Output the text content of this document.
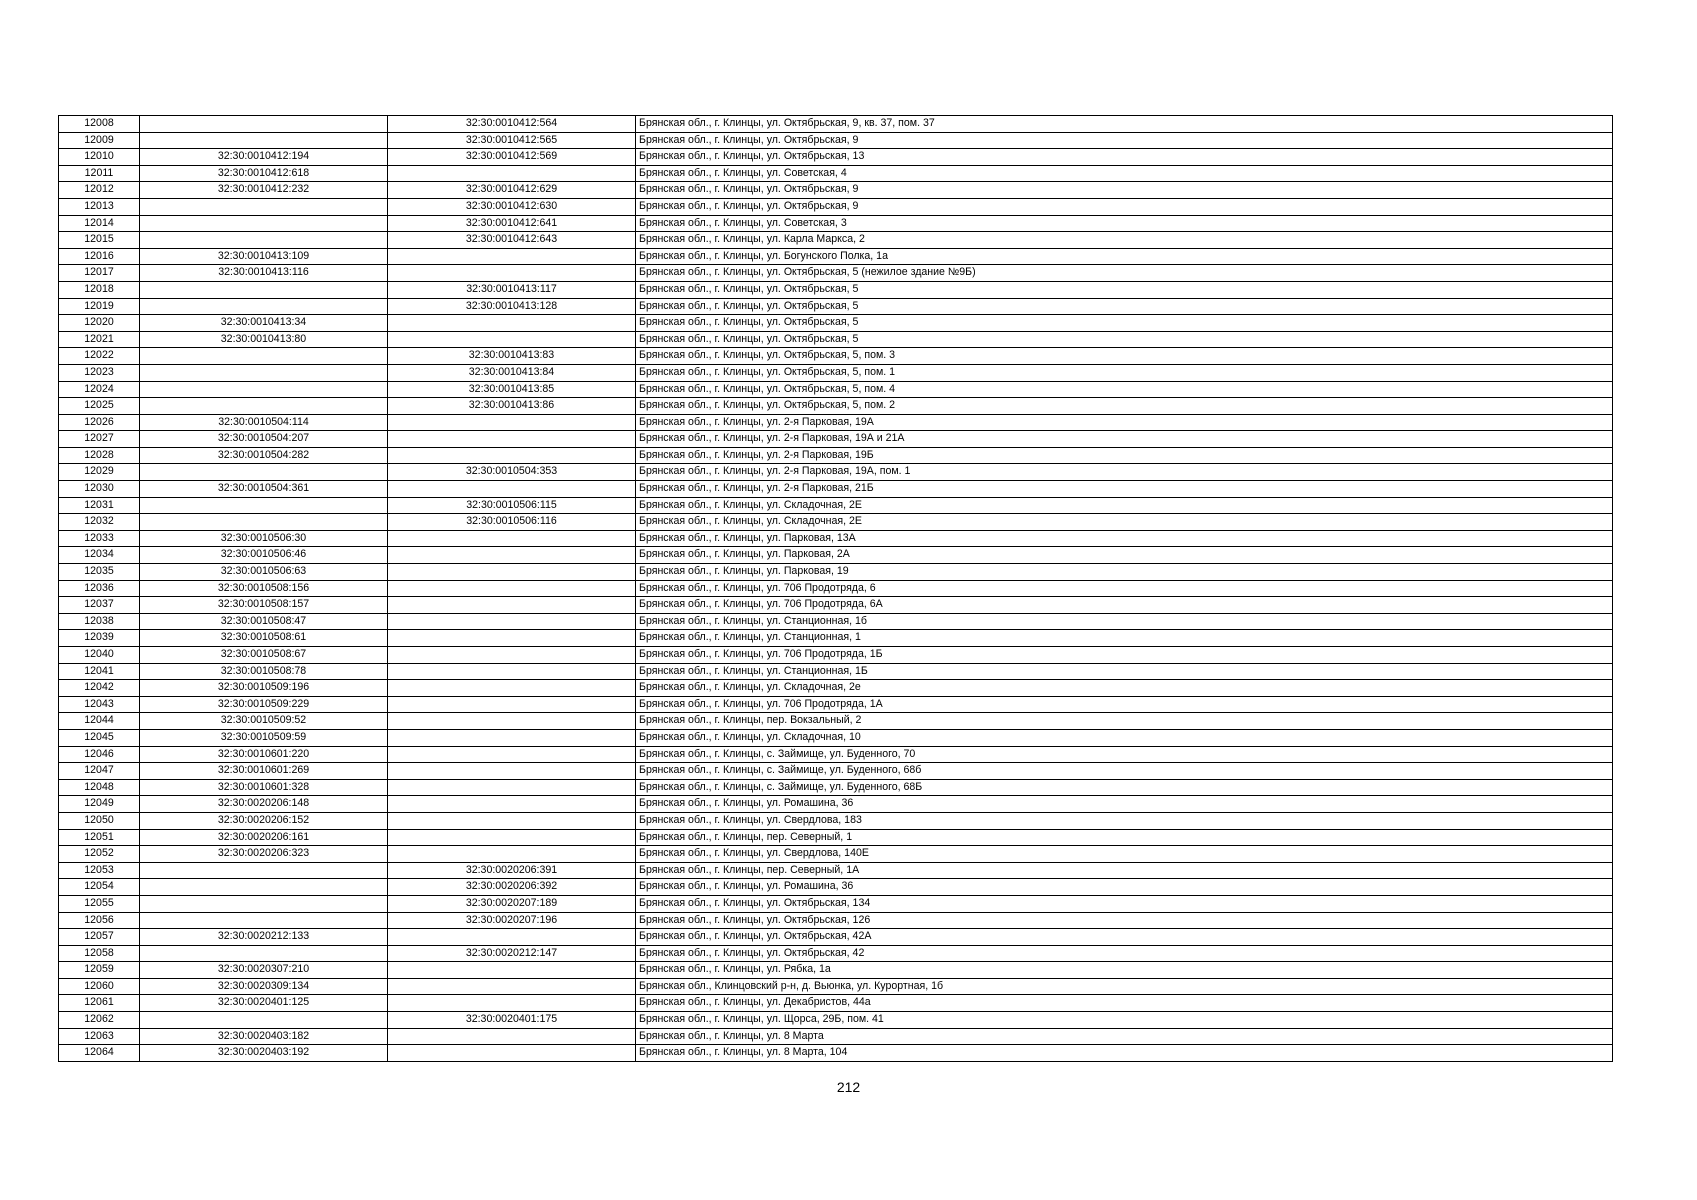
12008		32:30:0010412:564	Брянская обл., г. Клинцы, ул. Октябрьская, 9, кв. 37, пом. 37
12009		32:30:0010412:565	Брянская обл., г. Клинцы, ул. Октябрьская, 9
12010	32:30:0010412:194	32:30:0010412:569	Брянская обл., г. Клинцы, ул. Октябрьская, 13
12011	32:30:0010412:618		Брянская обл., г. Клинцы, ул. Советская, 4
12012	32:30:0010412:232	32:30:0010412:629	Брянская обл., г. Клинцы, ул. Октябрьская, 9
12013		32:30:0010412:630	Брянская обл., г. Клинцы, ул. Октябрьская, 9
12014		32:30:0010412:641	Брянская обл., г. Клинцы, ул. Советская, 3
12015		32:30:0010412:643	Брянская обл., г. Клинцы, ул. Карла Маркса, 2
12016	32:30:0010413:109		Брянская обл., г. Клинцы, ул. Богунского Полка, 1а
12017	32:30:0010413:116		Брянская обл., г. Клинцы, ул. Октябрьская, 5 (нежилое здание №9Б)
12018		32:30:0010413:117	Брянская обл., г. Клинцы, ул. Октябрьская, 5
12019		32:30:0010413:128	Брянская обл., г. Клинцы, ул. Октябрьская, 5
12020	32:30:0010413:34		Брянская обл., г. Клинцы, ул. Октябрьская, 5
12021	32:30:0010413:80		Брянская обл., г. Клинцы, ул. Октябрьская, 5
12022		32:30:0010413:83	Брянская обл., г. Клинцы, ул. Октябрьская, 5, пом. 3
12023		32:30:0010413:84	Брянская обл., г. Клинцы, ул. Октябрьская, 5, пом. 1
12024		32:30:0010413:85	Брянская обл., г. Клинцы, ул. Октябрьская, 5, пом. 4
12025		32:30:0010413:86	Брянская обл., г. Клинцы, ул. Октябрьская, 5, пом. 2
12026	32:30:0010504:114		Брянская обл., г. Клинцы, ул. 2-я Парковая, 19А
12027	32:30:0010504:207		Брянская обл., г. Клинцы, ул. 2-я Парковая, 19А и 21А
12028	32:30:0010504:282		Брянская обл., г. Клинцы, ул. 2-я Парковая, 19Б
12029		32:30:0010504:353	Брянская обл., г. Клинцы, ул. 2-я Парковая, 19А, пом. 1
12030	32:30:0010504:361		Брянская обл., г. Клинцы, ул. 2-я Парковая, 21Б
12031		32:30:0010506:115	Брянская обл., г. Клинцы, ул. Складочная, 2Е
12032		32:30:0010506:116	Брянская обл., г. Клинцы, ул. Складочная, 2Е
12033	32:30:0010506:30		Брянская обл., г. Клинцы, ул. Парковая, 13А
12034	32:30:0010506:46		Брянская обл., г. Клинцы, ул. Парковая, 2А
12035	32:30:0010506:63		Брянская обл., г. Клинцы, ул. Парковая, 19
12036	32:30:0010508:156		Брянская обл., г. Клинцы, ул. 706 Продотряда, 6
12037	32:30:0010508:157		Брянская обл., г. Клинцы, ул. 706 Продотряда, 6А
12038	32:30:0010508:47		Брянская обл., г. Клинцы, ул. Станционная, 1б
12039	32:30:0010508:61		Брянская обл., г. Клинцы, ул. Станционная, 1
12040	32:30:0010508:67		Брянская обл., г. Клинцы, ул. 706 Продотряда, 1Б
12041	32:30:0010508:78		Брянская обл., г. Клинцы, ул. Станционная, 1Б
12042	32:30:0010509:196		Брянская обл., г. Клинцы, ул. Складочная, 2е
12043	32:30:0010509:229		Брянская обл., г. Клинцы, ул. 706 Продотряда, 1А
12044	32:30:0010509:52		Брянская обл., г. Клинцы, пер. Вокзальный, 2
12045	32:30:0010509:59		Брянская обл., г. Клинцы, ул. Складочная, 10
12046	32:30:0010601:220		Брянская обл., г. Клинцы, с. Займище, ул. Буденного, 70
12047	32:30:0010601:269		Брянская обл., г. Клинцы, с. Займище, ул. Буденного, 68б
12048	32:30:0010601:328		Брянская обл., г. Клинцы, с. Займище, ул. Буденного, 68Б
12049	32:30:0020206:148		Брянская обл., г. Клинцы, ул. Ромашина, 36
12050	32:30:0020206:152		Брянская обл., г. Клинцы, ул. Свердлова, 183
12051	32:30:0020206:161		Брянская обл., г. Клинцы, пер. Северный, 1
12052	32:30:0020206:323		Брянская обл., г. Клинцы, ул. Свердлова, 140Е
12053		32:30:0020206:391	Брянская обл., г. Клинцы, пер. Северный, 1А
12054		32:30:0020206:392	Брянская обл., г. Клинцы, ул. Ромашина, 36
12055		32:30:0020207:189	Брянская обл., г. Клинцы, ул. Октябрьская, 134
12056		32:30:0020207:196	Брянская обл., г. Клинцы, ул. Октябрьская, 126
12057	32:30:0020212:133		Брянская обл., г. Клинцы, ул. Октябрьская, 42А
12058		32:30:0020212:147	Брянская обл., г. Клинцы, ул. Октябрьская, 42
12059	32:30:0020307:210		Брянская обл., г. Клинцы, ул. Рябка, 1а
12060	32:30:0020309:134		Брянская обл., Клинцовский р-н, д. Вьюнка, ул. Курортная, 1б
12061	32:30:0020401:125		Брянская обл., г. Клинцы, ул. Декабристов, 44а
12062		32:30:0020401:175	Брянская обл., г. Клинцы, ул. Щорса, 29Б, пом. 41
12063	32:30:0020403:182		Брянская обл., г. Клинцы, ул. 8 Марта
12064	32:30:0020403:192		Брянская обл., г. Клинцы, ул. 8 Марта, 104
212
